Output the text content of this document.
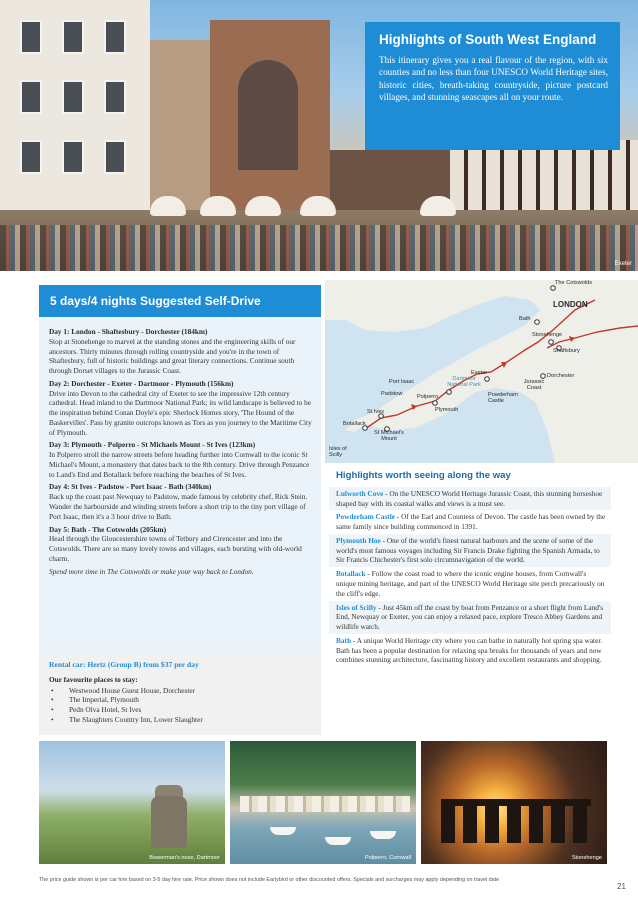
Exeter
Highlights of South West England

This itinerary gives you a real flavour of the region, with six counties and no less than four UNESCO World Heritage sites, historic cities, breath-taking countryside, picture postcard villages, and stunning seascapes all on your route.

5 days/4 nights Suggested Self-Drive
Day 1: London - Shaftesbury - Dorchester (184km)
Stop at Stonehenge to marvel at the standing stones and the engineering skills of our ancestors. Thirty minutes through rolling countryside and you're in the town of Shaftesbury, full of historic buildings and great literary connections. Continue south through Dorset villages to the Jurassic Coast.
Day 2: Dorchester - Exeter - Dartmoor - Plymouth (156km)
Drive into Devon to the cathedral city of Exeter to see the impressive 12th century cathedral. Head inland to the Dartmoor National Park; its wild landscape is believed to be the inspiration behind Conan Doyle's epic Sherlock Homes story, 'The Hound of the Baskervilles'. Pass by granite outcrops known as Tors as you journey to the Maritime City of Plymouth.
Day 3: Plymouth - Polperro - St Michaels Mount - St Ives (123km)
In Polperro stroll the narrow streets before heading further into Cornwall to the iconic St Michael's Mount, a monastery that dates back to the 8th century. Drive through Penzance to Land's End and Botallack before reaching the beaches of St Ives.
Day 4: St Ives - Padstow - Port Isaac - Bath (340km)
Back up the coast past Newquay to Padstow, made famous by celebrity chef, Rick Stein. Wander the harbourside and winding streets before a short trip to the tiny port village of Port Isaac, then it's a 3 hour drive to Bath.
Day 5: Bath - The Cotswolds (205km)
Head through the Gloucestershire towns of Tetbury and Cirencester and into the Cotswolds. There are so many lovely towns and villages, each bursting with old-world charm.
Spend more time in The Cotswolds or make your way back to London.
Rental car: Hertz (Group B) from $37 per day
Our favourite places to stay:
• Westwood House Guest House, Dorchester
• The Imperial, Plymouth
• Pedn Olva Hotel, St Ives
• The Slaughters Country Inn, Lower Slaughter
The Cotswolds
LONDON
Bath
Stonehenge
Shaftsbury
Dorchester
Jurassic Coast
Exeter
Dartmoor National Park
Powderham Castle
Port Isaac
Padstow	Polperro
Plymouth
St Ives
Botallack
St Michael's Mount
Isles of Scilly
Highlights worth seeing along the way
Lulworth Cove - On the UNESCO World Heritage Jurassic Coast, this stunning horseshoe shaped bay with its coastal walks and views is a must see.
Powderham Castle - Of the Earl and Countess of Devon. The castle has been owned by the same family since building commenced in 1391.
Plymouth Hoe - One of the world's finest natural harbours and the scene of some of the world's most famous voyages including Sir Francis Drake fighting the Spanish Armada, to Sir Francis Chichester's first solo circumnavigation of the world.
Botallack - Follow the coast road to where the iconic engine houses, from Cornwall's unique mining heritage, and part of the UNESCO World Heritage site perch precariously on the cliff's edge.
Isles of Scilly - Just 45km off the coast by boat from Penzance or a short flight from Land's End, Newquay or Exeter, you can enjoy a relaxed pace, explore Tresco Abbey Gardens and wildlife watch.
Bath - A unique World Heritage city where you can bathe in naturally hot spring spa water. Bath has been a popular destination for relaxing spa breaks for thousands of years and now combines stunning architecture, fascinating history and excellent restaurants and shopping.
Bowerman's nose, Dartmoor	Polperro, Cornwall	Stonehenge
The price guide shown is per car hire based on 3-5 day hire rate. Price shown does not include Earlybird or other discounted offers. Specials and surcharges may apply depending on travel date
21
